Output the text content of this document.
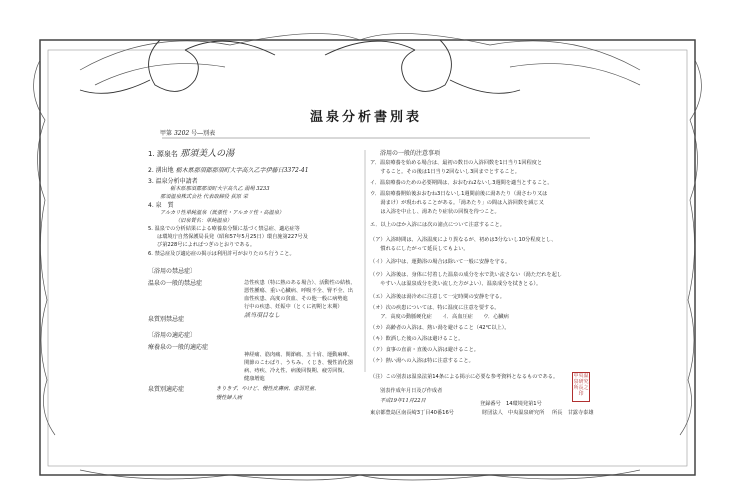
温泉分析書別表
甲第 3202 号―別表
1. 源泉名 那須美人の湯
2. 湧出地 栃木県那須郡那須町大字高久乙字伊藤日3372-41
3. 温泉分析申請者
栃木県那須郡那須町大字高久乙 湯場 3233
那須温泉株式会社 代表取締役 荻原 栄
4. 泉　質
アルカリ性単純温泉（低張性・アルカリ性・高温泉）
（旧泉質名：単純温泉）
5. 温泉での分析結果による療養泉分類に基づく禁忌症、適応症等
は環境庁自然保護局長発（昭和57年5月25日）環自施第227号及
び第228号によればつぎのとおりである。
6. 禁忌症及び適応症の掲示は利用許可がおりたのち行うこと。
〔浴用の禁忌症〕
温泉の一般的禁忌症	急性疾患（特に熱のある場合）、活動性の結核、
悪性腫瘍、重い心臓病、呼吸不全、腎不全、出
血性疾患、高度の貧血、その他一般に病勢進
行中の疾患、妊娠中（とくに初期と末期）
泉質別禁忌症
該当項目なし
〔浴用の適応症〕
療養泉の一般的適応症
神経痛、筋肉痛、関節痛、五十肩、運動麻痺、
関節のこわばり、うちみ、くじき、慢性消化器
病、痔疾、冷え性、病後回復期、疲労回復、
健康増進
泉質別適応症	きりきず、やけど、慢性皮膚病、虚弱児童、
慢性婦人病
浴用の一般的注意事項
ア．温泉療養を始める場合は、最初の数日の入浴回数を1日当り1回程度と
　　すること。その後は1日当り2回ないし3回までとすること。
イ．温泉療養のための必要期間は、おおむね2ないし3週間を適当とすること。
ウ．温泉療養開始後おおむね3日ないし1週間前後に湯あたり（湯さわり又は
　　湯まけ）が現われることがある。「湯あたり」の間は入浴回数を減じ又
　　は入浴を中止し、湯あたり症状の回復を待つこと。
エ．以上のほか入浴には次の諸点について注意すること。
（ア）入浴時間は、入浴温度により異なるが、初めは3分ないし10分程度とし、
　　慣れるにしたがって延長してもよい。
（イ）入浴中は、運動浴の場合は除いて一般に安静を守る。
（ウ）入浴後は、身体に付着した温泉の成分を水で洗い流さない（湯ただれを起し
　　やすい人は温泉成分を洗い流した方がよい）、温泉成分を拭きとる）。
（エ）入浴後は湯冷めに注意して一定時間の安静を守る。
（オ）次の疾患については、特に温度に注意を要する。
　　ア．高度の動脈硬化症　　イ．高血圧症　　ウ．心臓病
（カ）高齢者の入浴は、熱い湯を避けること（42℃以上）。
（キ）飲酒した後の入浴は避けること。
（ク）食事の直前・直後の入浴は避けること。
（ケ）熱い湯への入浴は特に注意すること。
（注）この別表は温泉法第14条による掲示に必要な参考資料となるものである。
別表作成年月日及び作成者
平成19年11月22日	登録番号　14環境発第1号
東京都豊島区南長崎3丁目40番16号	財団法人　中央温泉研究所 所長　甘露寺泰雄
中央温泉研究所長之印
